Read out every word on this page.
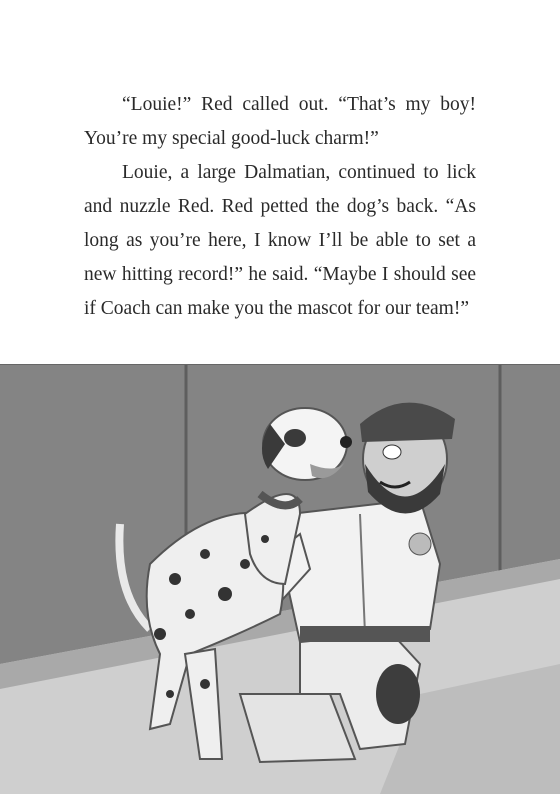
“Louie!” Red called out. “That’s my boy! You’re my special good-luck charm!”

Louie, a large Dalmatian, continued to lick and nuzzle Red. Red petted the dog’s back. “As long as you’re here, I know I’ll be able to set a new hitting record!” he said. “Maybe I should see if Coach can make you the mascot for our team!”
